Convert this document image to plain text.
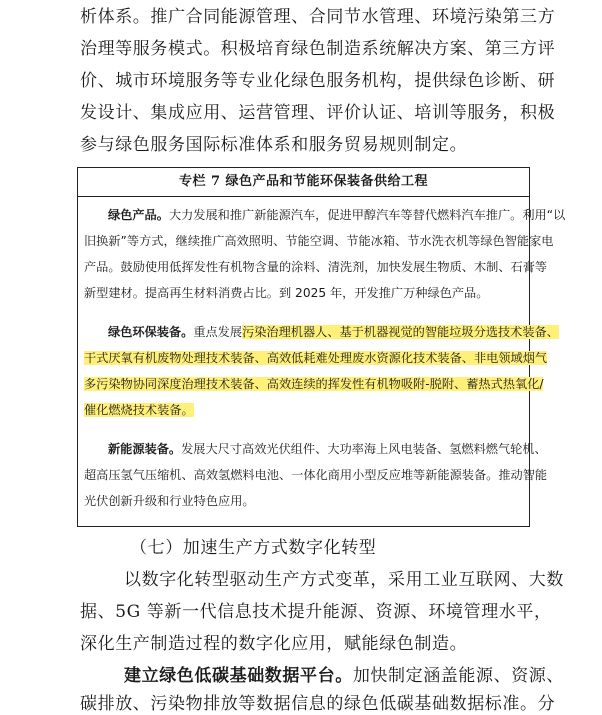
析体系。推广合同能源管理、合同节水管理、环境污染第三方
治理等服务模式。积极培育绿色制造系统解决方案、第三方评
价、城市环境服务等专业化绿色服务机构，提供绿色诊断、研
发设计、集成应用、运营管理、评价认证、培训等服务，积极
参与绿色服务国际标准体系和服务贸易规则制定。
专栏 7 绿色产品和节能环保装备供给工程
绿色产品。大力发展和推广新能源汽车，促进甲醇汽车等替代燃料汽车推广。利用“以
旧换新”等方式，继续推广高效照明、节能空调、节能冰箱、节水洗衣机等绿色智能家电
产品。鼓励使用低挥发性有机物含量的涂料、清洗剂，加快发展生物质、木制、石膏等
新型建材。提高再生材料消费占比。到 2025 年，开发推广万种绿色产品。
绿色环保装备。重点发展污染治理机器人、基于机器视觉的智能垃圾分选技术装备、
干式厌氧有机废物处理技术装备、高效低耗难处理废水资源化技术装备、非电领域烟气
多污染物协同深度治理技术装备、高效连续的挥发性有机物吸附-脱附、蓄热式热氧化/
催化燃烧技术装备。
新能源装备。发展大尺寸高效光伏组件、大功率海上风电装备、氢燃料燃气轮机、
超高压氢气压缩机、高效氢燃料电池、一体化商用小型反应堆等新能源装备。推动智能
光伏创新升级和行业特色应用。
（七）加速生产方式数字化转型
以数字化转型驱动生产方式变革，采用工业互联网、大数
据、5G 等新一代信息技术提升能源、资源、环境管理水平，
深化生产制造过程的数字化应用，赋能绿色制造。
建立绿色低碳基础数据平台。加快制定涵盖能源、资源、
碳排放、污染物排放等数据信息的绿色低碳基础数据标准。分
